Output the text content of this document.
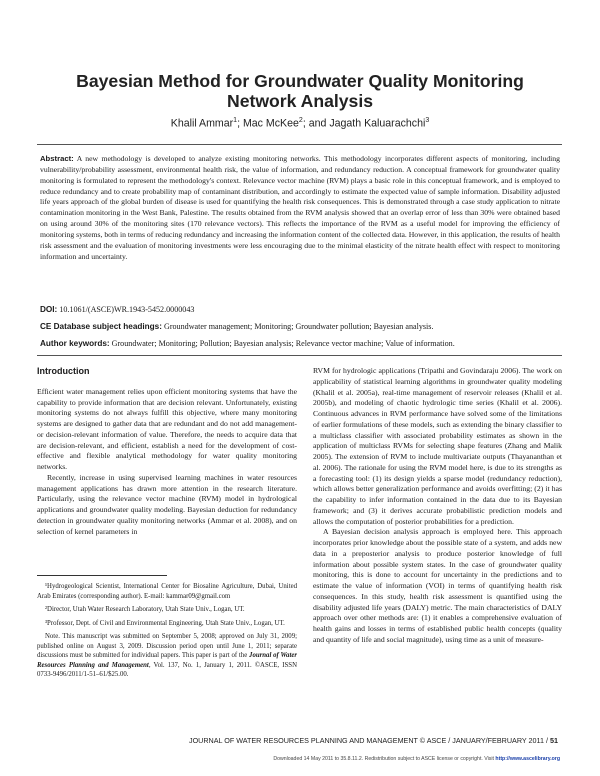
Bayesian Method for Groundwater Quality Monitoring Network Analysis
Khalil Ammar$^1$; Mac McKee$^2$; and Jagath Kaluarachchi$^3$
Abstract: A new methodology is developed to analyze existing monitoring networks. This methodology incorporates different aspects of monitoring, including vulnerability/probability assessment, environmental health risk, the value of information, and redundancy reduction. A conceptual framework for groundwater quality monitoring is formulated to represent the methodology's context. Relevance vector machine (RVM) plays a basic role in this conceptual framework, and is employed to reduce redundancy and to create probability map of contaminant distribution, and accordingly to estimate the expected value of sample information. Disability adjusted life years approach of the global burden of disease is used for quantifying the health risk consequences. This is demonstrated through a case study application to nitrate contamination monitoring in the West Bank, Palestine. The results obtained from the RVM analysis showed that an overlap error of less than 30% were obtained based on using around 30% of the monitoring sites (170 relevance vectors). This reflects the importance of the RVM as a useful model for improving the efficiency of monitoring systems, both in terms of reducing redundancy and increasing the information content of the collected data. However, in this application, the results of health risk assessment and the evaluation of monitoring investments were less encouraging due to the minimal elasticity of the nitrate health effect with respect to monitoring information and uncertainty.
DOI: 10.1061/(ASCE)WR.1943-5452.0000043
CE Database subject headings: Groundwater management; Monitoring; Groundwater pollution; Bayesian analysis.
Author keywords: Groundwater; Monitoring; Pollution; Bayesian analysis; Relevance vector machine; Value of information.
Introduction

Efficient water management relies upon efficient monitoring systems that have the capability to provide information that are decision relevant. Unfortunately, existing monitoring systems do not always fulfill this objective, where many monitoring systems are designed to gather data that are redundant and do not add management- or decision-relevant information of value. Therefore, the needs to acquire data that are decision-relevant, and efficient, establish a need for the development of cost-effective and flexible analytical methodology for water quality monitoring networks.

Recently, increase in using supervised learning machines in water resources management applications has drawn more attention in the research literature. Particularly, using the relevance vector machine (RVM) model in hydrological applications and groundwater quality modeling. Bayesian deduction for redundancy detection in groundwater quality monitoring networks (Ammar et al. 2008), and on selection of kernel parameters in

¹Hydrogeological Scientist, International Center for Biosaline Agriculture, Dubai, United Arab Emirates (corresponding author). E-mail: kammar09@gmail.com

²Director, Utah Water Research Laboratory, Utah State Univ., Logan, UT.

³Professor, Dept. of Civil and Environmental Engineering, Utah State Univ., Logan, UT.

Note. This manuscript was submitted on September 5, 2008; approved on July 31, 2009; published online on August 3, 2009. Discussion period open until June 1, 2011; separate discussions must be submitted for individual papers. This paper is part of the Journal of Water Resources Planning and Management, Vol. 137, No. 1, January 1, 2011. ©ASCE, ISSN 0733-9496/2011/1-51–61/$25.00.

RVM for hydrologic applications (Tripathi and Govindaraju 2006). The work on applicability of statistical learning algorithms in groundwater quality modeling (Khalil et al. 2005a), real-time management of reservoir releases (Khalil et al. 2005b), and modeling of chaotic hydrologic time series (Khalil et al. 2006). Continuous advances in RVM performance have solved some of the limitations of earlier formulations of these models, such as extending the binary classifier to a multiclass classifier with associated probability estimates as shown in the application of multiclass RVMs for selecting shape features (Zhang and Malik 2005). The extension of RVM to include multivariate outputs (Thayananthan et al. 2006). The rationale for using the RVM model here, is due to its strengths as a forecasting tool: (1) its design yields a sparse model (redundancy reduction), which allows better generalization performance and avoids overfitting; (2) it has the capability to infer information contained in the data due to its Bayesian framework; and (3) it derives accurate probabilistic prediction models and allows the computation of posterior probabilities for a prediction.

A Bayesian decision analysis approach is employed here. This approach incorporates prior knowledge about the possible state of a system, and adds new data in a preposterior analysis to produce posterior knowledge of full information about possible system states. In the case of groundwater quality monitoring, this is done to account for uncertainty in the predictions and to estimate the value of information (VOI) in terms of quantifying health risk consequences. In this study, health risk assessment is quantified using the disability adjusted life years (DALY) metric. The main characteristics of DALY approach over other methods are: (1) it enables a comprehensive evaluation of health gains and losses in terms of established public health concepts (quality and quantity of life and social magnitude), using time as a unit of measure-

JOURNAL OF WATER RESOURCES PLANNING AND MANAGEMENT © ASCE / JANUARY/FEBRUARY 2011 / 51
Downloaded 14 May 2011 to 35.8.11.2. Redistribution subject to ASCE license or copyright. Visit http://www.ascelibrary.org
